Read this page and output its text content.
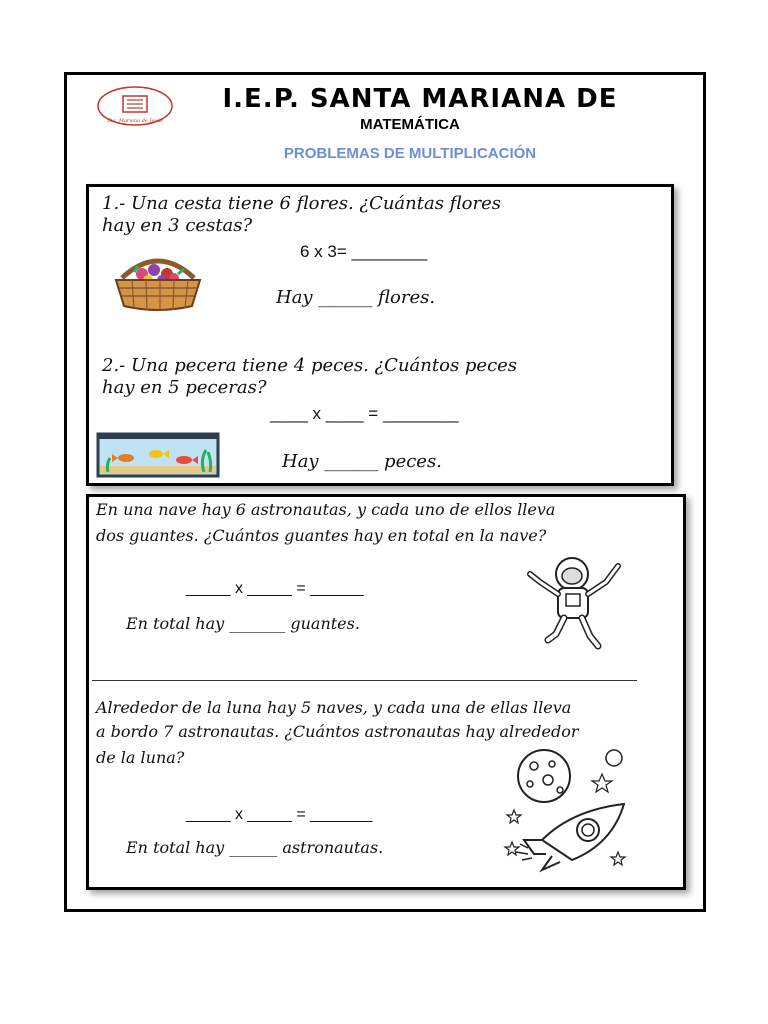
Sta. Mariana de Jesús
I.E.P. SANTA MARIANA DE
MATEMÁTICA
PROBLEMAS DE MULTIPLICACIÓN
1.- Una cesta tiene 6 flores. ¿Cuántas flores
hay en 3 cestas?
6 x 3= ________
Hay ______ flores.
2.- Una pecera tiene 4 peces. ¿Cuántos peces
hay en 5 peceras?
____ x ____ = ________
Hay ______ peces.
En una nave hay 6 astronautas, y cada uno de ellos lleva
dos guantes. ¿Cuántos guantes hay en total en la nave?
_____ x _____ = ______
En total hay _______ guantes.
Alrededor de la luna hay 5 naves, y cada una de ellas lleva
a bordo 7 astronautas. ¿Cuántos astronautas hay alrededor
de la luna?
_____ x _____ = _______
En total hay ______ astronautas.
